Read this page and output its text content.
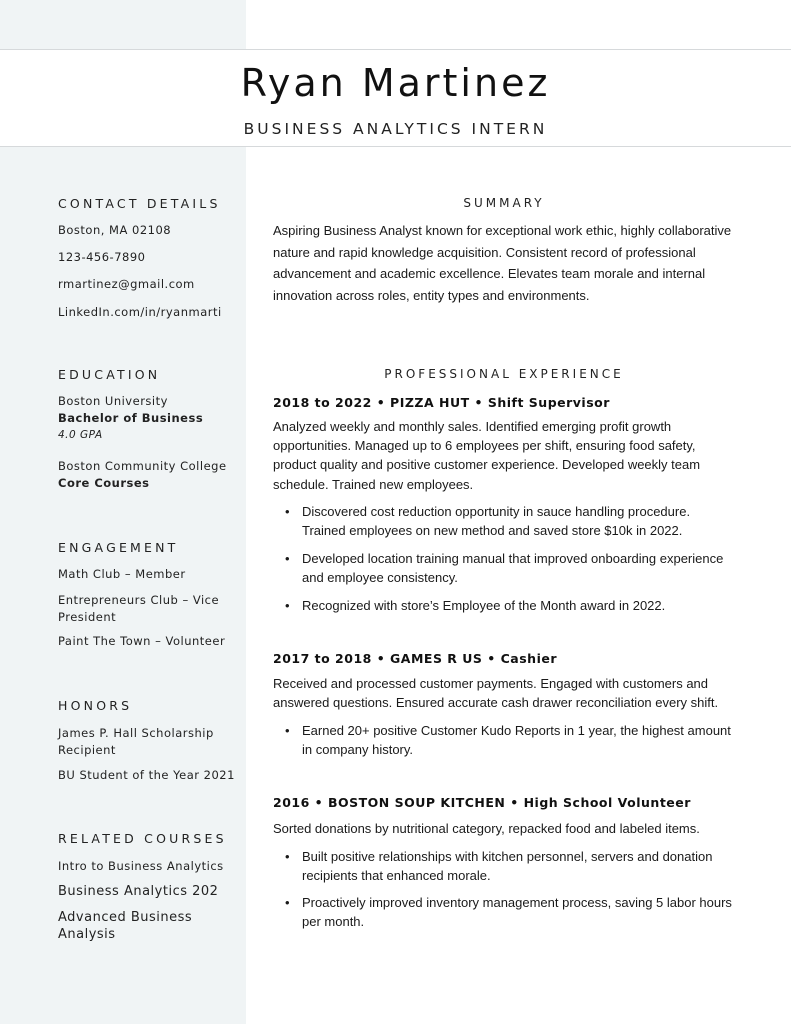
Ryan Martinez
BUSINESS ANALYTICS INTERN
CONTACT DETAILS
Boston, MA 02108
123-456-7890
rmartinez@gmail.com
LinkedIn.com/in/ryanmarti
EDUCATION
Boston University
Bachelor of Business
4.0 GPA
Boston Community College
Core Courses
ENGAGEMENT
Math Club – Member
Entrepreneurs Club – Vice President
Paint The Town – Volunteer
HONORS
James P. Hall Scholarship Recipient
BU Student of the Year 2021
RELATED COURSES
Intro to Business Analytics
Business Analytics 202
Advanced Business Analysis
SUMMARY

Aspiring Business Analyst known for exceptional work ethic, highly collaborative nature and rapid knowledge acquisition. Consistent record of professional advancement and academic excellence. Elevates team morale and internal innovation across roles, entity types and environments.

PROFESSIONAL EXPERIENCE
2018 to 2022 • PIZZA HUT • Shift Supervisor

Analyzed weekly and monthly sales. Identified emerging profit growth opportunities. Managed up to 6 employees per shift, ensuring food safety, product quality and positive customer experience. Developed weekly team schedule. Trained new employees.

• Discovered cost reduction opportunity in sauce handling procedure. Trained employees on new method and saved store $10k in 2022.
• Developed location training manual that improved onboarding experience and employee consistency.
• Recognized with store’s Employee of the Month award in 2022.
2017 to 2018 • GAMES R US • Cashier

Received and processed customer payments. Engaged with customers and answered questions. Ensured accurate cash drawer reconciliation every shift.

• Earned 20+ positive Customer Kudo Reports in 1 year, the highest amount in company history.
2016 • BOSTON SOUP KITCHEN • High School Volunteer

Sorted donations by nutritional category, repacked food and labeled items.

• Built positive relationships with kitchen personnel, servers and donation recipients that enhanced morale.
• Proactively improved inventory management process, saving 5 labor hours per month.
